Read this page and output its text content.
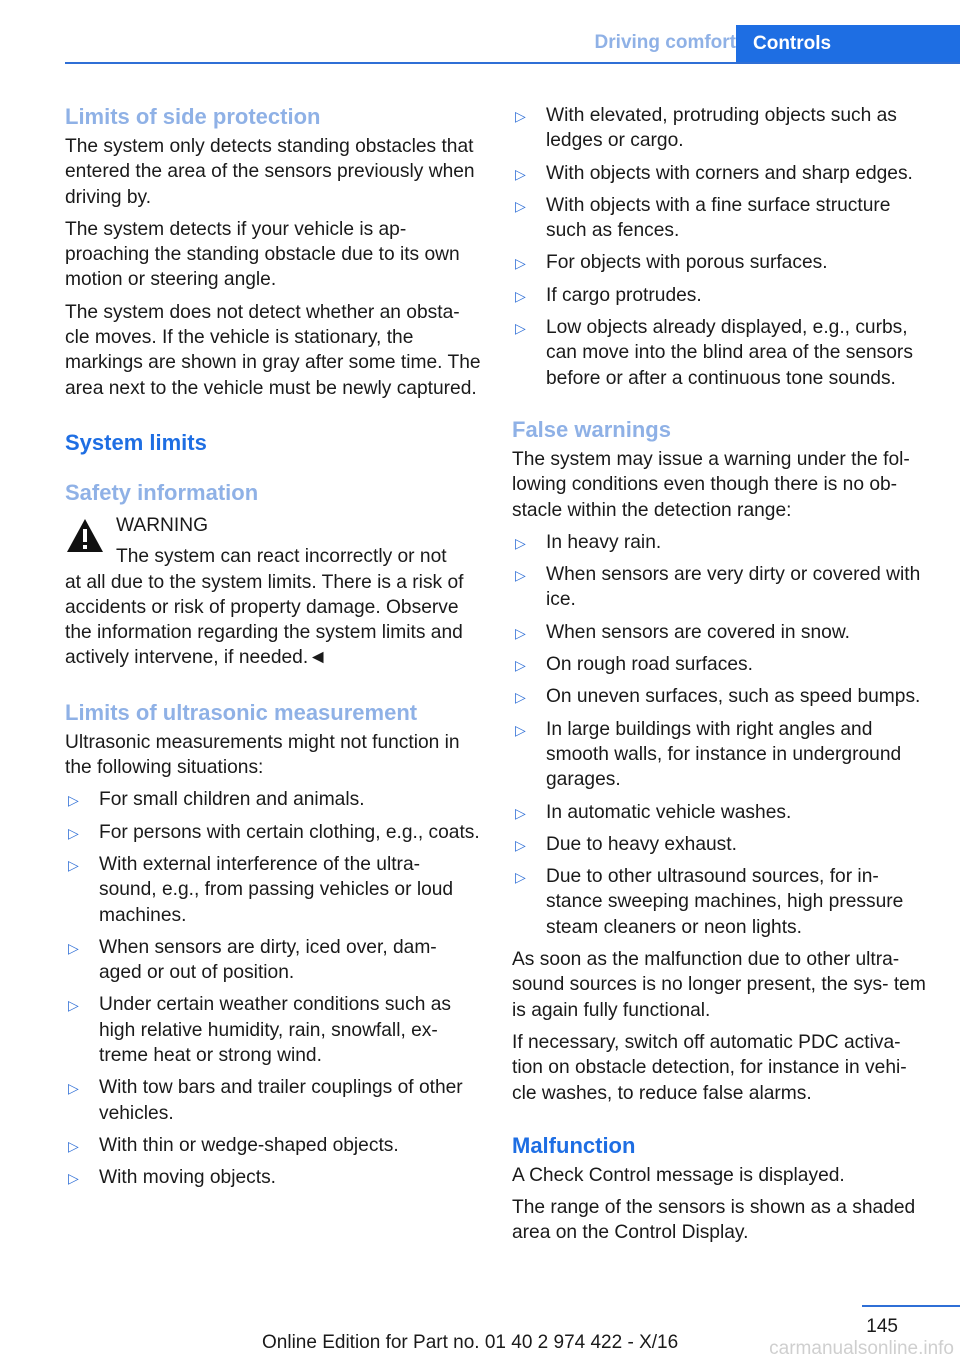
Driving comfort Controls
Limits of side protection

The system only detects standing obstacles that entered the area of the sensors previously when driving by.

The system detects if your vehicle is ap‐ proaching the standing obstacle due to its own motion or steering angle.

The system does not detect whether an obsta‐ cle moves. If the vehicle is stationary, the markings are shown in gray after some time. The area next to the vehicle must be newly captured.

System limits
Safety information
WARNING
The system can react incorrectly or not
at all due to the system limits. There is a risk of accidents or risk of property damage. Observe the information regarding the system limits and actively intervene, if needed.◄
Limits of ultrasonic measurement

Ultrasonic measurements might not function in the following situations:

▷ For small children and animals.
▷ For persons with certain clothing, e.g., coats.
▷ With external interference of the ultra‐ sound, e.g., from passing vehicles or loud machines.
▷ When sensors are dirty, iced over, dam‐ aged or out of position.
▷ Under certain weather conditions such as high relative humidity, rain, snowfall, ex‐ treme heat or strong wind.
▷ With tow bars and trailer couplings of other vehicles.
▷ With thin or wedge-shaped objects.
▷ With moving objects.
▷ With elevated, protruding objects such as ledges or cargo.
▷ With objects with corners and sharp edges.
▷ With objects with a fine surface structure such as fences.
▷ For objects with porous surfaces.
▷ If cargo protrudes.
▷ Low objects already displayed, e.g., curbs, can move into the blind area of the sensors before or after a continuous tone sounds.
False warnings

The system may issue a warning under the fol‐ lowing conditions even though there is no ob‐ stacle within the detection range:

▷ In heavy rain.
▷ When sensors are very dirty or covered with ice.
▷ When sensors are covered in snow.
▷ On rough road surfaces.
▷ On uneven surfaces, such as speed bumps.
▷ In large buildings with right angles and smooth walls, for instance in underground garages.
▷ In automatic vehicle washes.
▷ Due to heavy exhaust.
▷ Due to other ultrasound sources, for in‐ stance sweeping machines, high pressure steam cleaners or neon lights.

As soon as the malfunction due to other ultra‐ sound sources is no longer present, the sys‐ tem is again fully functional.

If necessary, switch off automatic PDC activa‐ tion on obstacle detection, for instance in vehi‐ cle washes, to reduce false alarms.

Malfunction

A Check Control message is displayed.

The range of the sensors is shown as a shaded area on the Control Display.

145
Online Edition for Part no. 01 40 2 974 422 - X/16	carmanualsonline.info
